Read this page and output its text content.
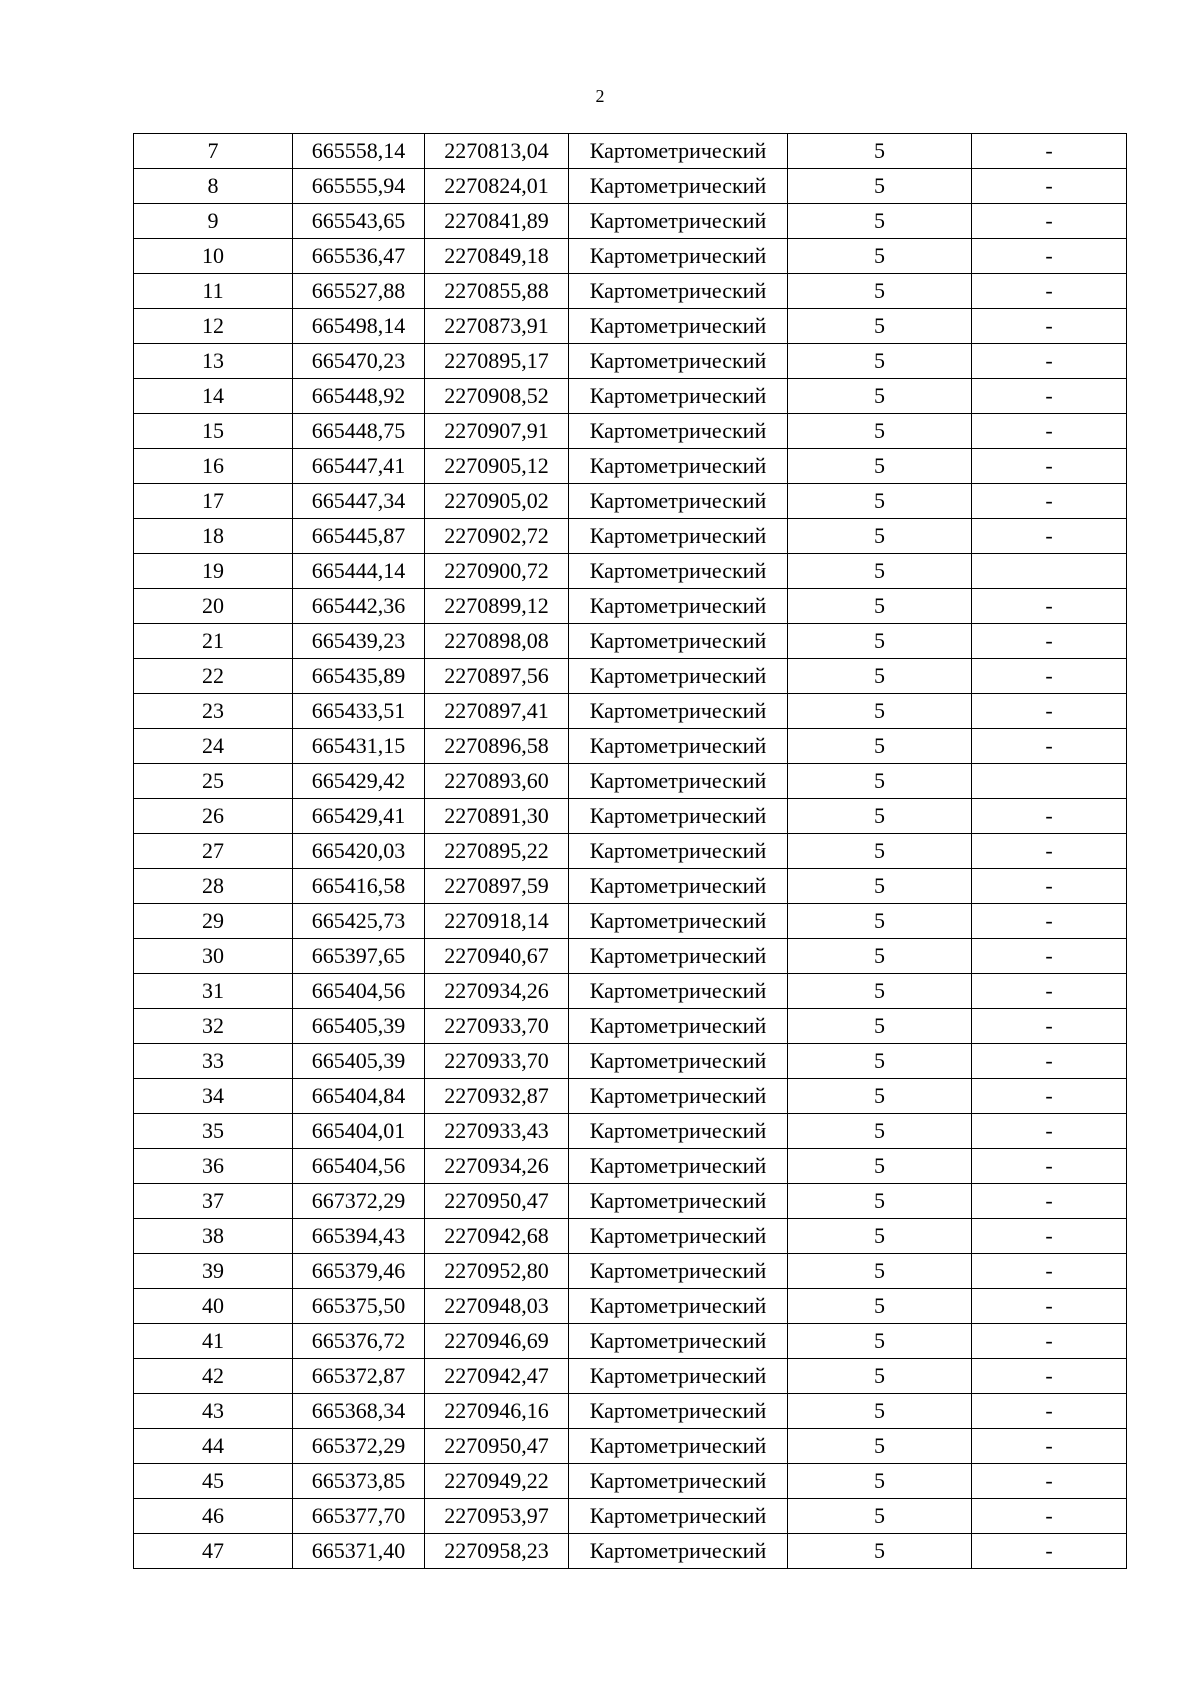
2
7	665558,14	2270813,04	Картометрический	5	-
8	665555,94	2270824,01	Картометрический	5	-
9	665543,65	2270841,89	Картометрический	5	-
10	665536,47	2270849,18	Картометрический	5	-
11	665527,88	2270855,88	Картометрический	5	-
12	665498,14	2270873,91	Картометрический	5	-
13	665470,23	2270895,17	Картометрический	5	-
14	665448,92	2270908,52	Картометрический	5	-
15	665448,75	2270907,91	Картометрический	5	-
16	665447,41	2270905,12	Картометрический	5	-
17	665447,34	2270905,02	Картометрический	5	-
18	665445,87	2270902,72	Картометрический	5	-
19	665444,14	2270900,72	Картометрический	5	
20	665442,36	2270899,12	Картометрический	5	-
21	665439,23	2270898,08	Картометрический	5	-
22	665435,89	2270897,56	Картометрический	5	-
23	665433,51	2270897,41	Картометрический	5	-
24	665431,15	2270896,58	Картометрический	5	-
25	665429,42	2270893,60	Картометрический	5	
26	665429,41	2270891,30	Картометрический	5	-
27	665420,03	2270895,22	Картометрический	5	-
28	665416,58	2270897,59	Картометрический	5	-
29	665425,73	2270918,14	Картометрический	5	-
30	665397,65	2270940,67	Картометрический	5	-
31	665404,56	2270934,26	Картометрический	5	-
32	665405,39	2270933,70	Картометрический	5	-
33	665405,39	2270933,70	Картометрический	5	-
34	665404,84	2270932,87	Картометрический	5	-
35	665404,01	2270933,43	Картометрический	5	-
36	665404,56	2270934,26	Картометрический	5	-
37	667372,29	2270950,47	Картометрический	5	-
38	665394,43	2270942,68	Картометрический	5	-
39	665379,46	2270952,80	Картометрический	5	-
40	665375,50	2270948,03	Картометрический	5	-
41	665376,72	2270946,69	Картометрический	5	-
42	665372,87	2270942,47	Картометрический	5	-
43	665368,34	2270946,16	Картометрический	5	-
44	665372,29	2270950,47	Картометрический	5	-
45	665373,85	2270949,22	Картометрический	5	-
46	665377,70	2270953,97	Картометрический	5	-
47	665371,40	2270958,23	Картометрический	5	-
